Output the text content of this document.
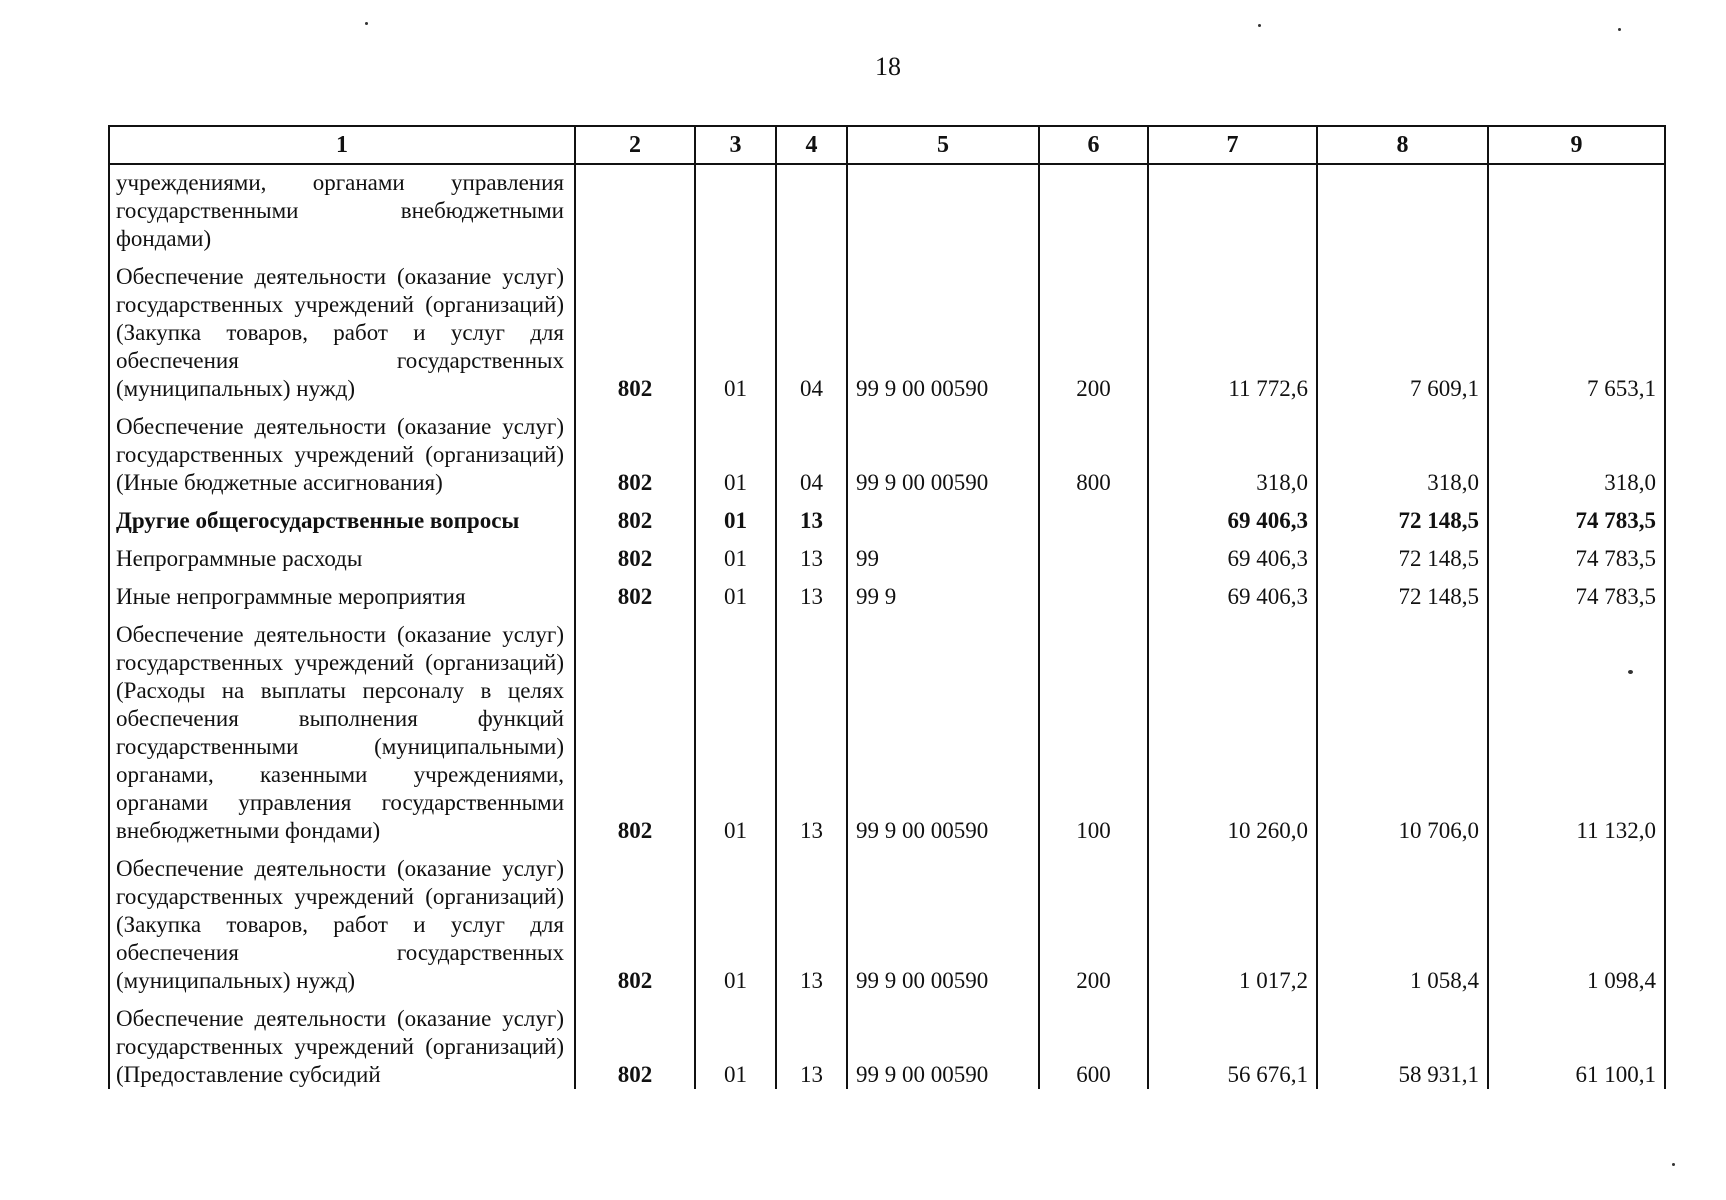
18
1	2	3	4	5	6	7	8	9
учреждениями, органами управления государственными внебюджетными фондами)								
Обеспечение деятельности (оказание услуг) государственных учреждений (организаций) (Закупка товаров, работ и услуг для обеспечения государственных (муниципальных) нужд)	802	01	04	99 9 00 00590	200	11 772,6	7 609,1	7 653,1
Обеспечение деятельности (оказание услуг) государственных учреждений (организаций) (Иные бюджетные ассигнования)	802	01	04	99 9 00 00590	800	318,0	318,0	318,0
Другие общегосударственные вопросы	802	01	13			69 406,3	72 148,5	74 783,5
Непрограммные расходы	802	01	13	99		69 406,3	72 148,5	74 783,5
Иные непрограммные мероприятия	802	01	13	99 9		69 406,3	72 148,5	74 783,5
Обеспечение деятельности (оказание услуг) государственных учреждений (организаций) (Расходы на выплаты персоналу в целях обеспечения выполнения функций государственными (муниципальными) органами, казенными учреждениями, органами управления государственными внебюджетными фондами)	802	01	13	99 9 00 00590	100	10 260,0	10 706,0	11 132,0
Обеспечение деятельности (оказание услуг) государственных учреждений (организаций) (Закупка товаров, работ и услуг для обеспечения государственных (муниципальных) нужд)	802	01	13	99 9 00 00590	200	1 017,2	1 058,4	1 098,4
Обеспечение деятельности (оказание услуг) государственных учреждений (организаций) (Предоставление субсидий	802	01	13	99 9 00 00590	600	56 676,1	58 931,1	61 100,1
